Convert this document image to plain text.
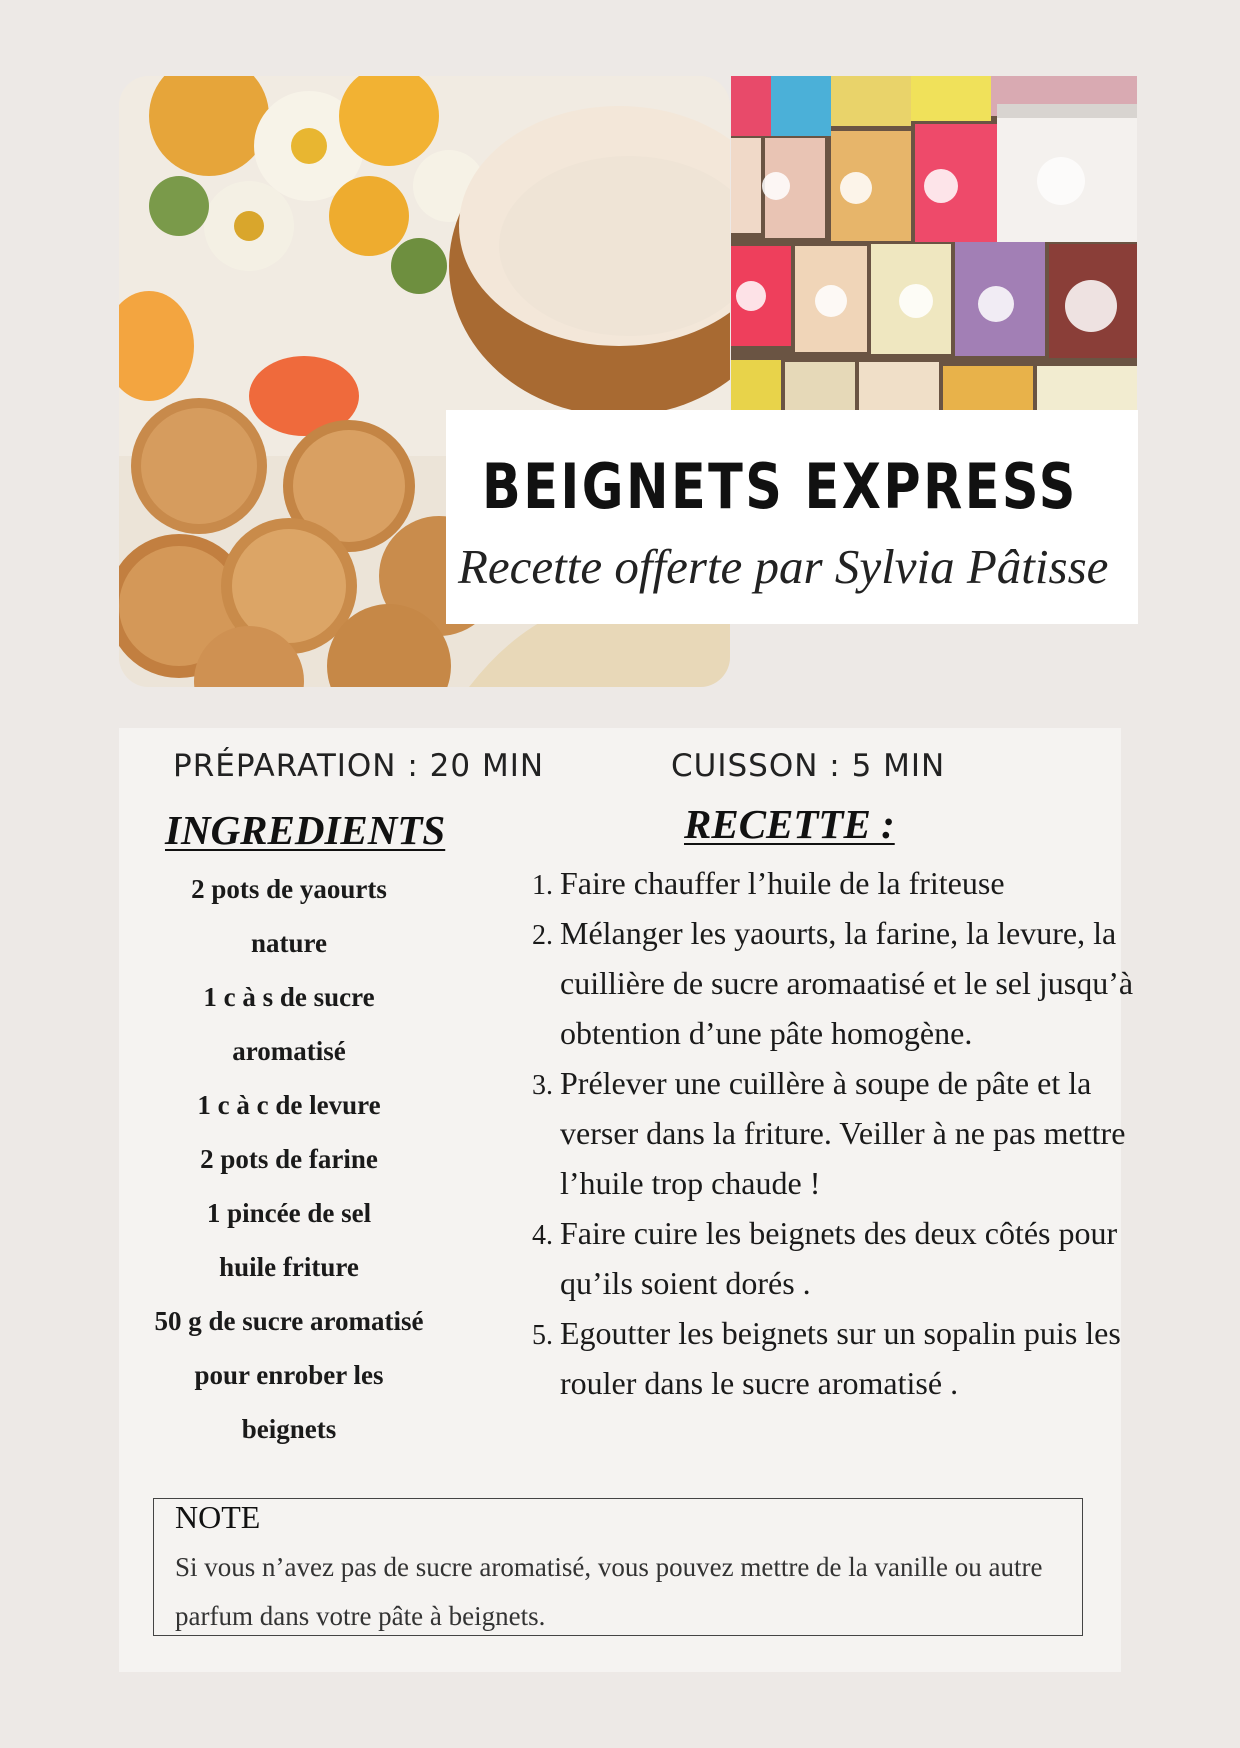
BEIGNETS EXPRESS
Recette offerte par Sylvia Pâtisse
PRÉPARATION : 20 MIN	CUISSON : 5 MIN
INGREDIENTS
2 pots de yaourts
nature
1 c à s de sucre
aromatisé
1 c à c de levure
2 pots de farine
1 pincée de sel
huile friture
50 g de sucre aromatisé
pour enrober les
beignets
RECETTE :
1. Faire chauffer l’huile de la friteuse
2. Mélanger les yaourts, la farine, la levure, la cuillière de sucre aromaatisé et le sel jusqu’à obtention d’une pâte homogène.
3. Prélever une cuillère à soupe de pâte et la verser dans la friture. Veiller à ne pas mettre l’huile trop chaude !
4. Faire cuire les beignets des deux côtés pour qu’ils soient dorés .
5. Egoutter les beignets sur un sopalin puis les rouler dans le sucre aromatisé .
NOTE
Si vous n’avez pas de sucre aromatisé, vous pouvez mettre de la vanille ou autre parfum dans votre pâte à beignets.
